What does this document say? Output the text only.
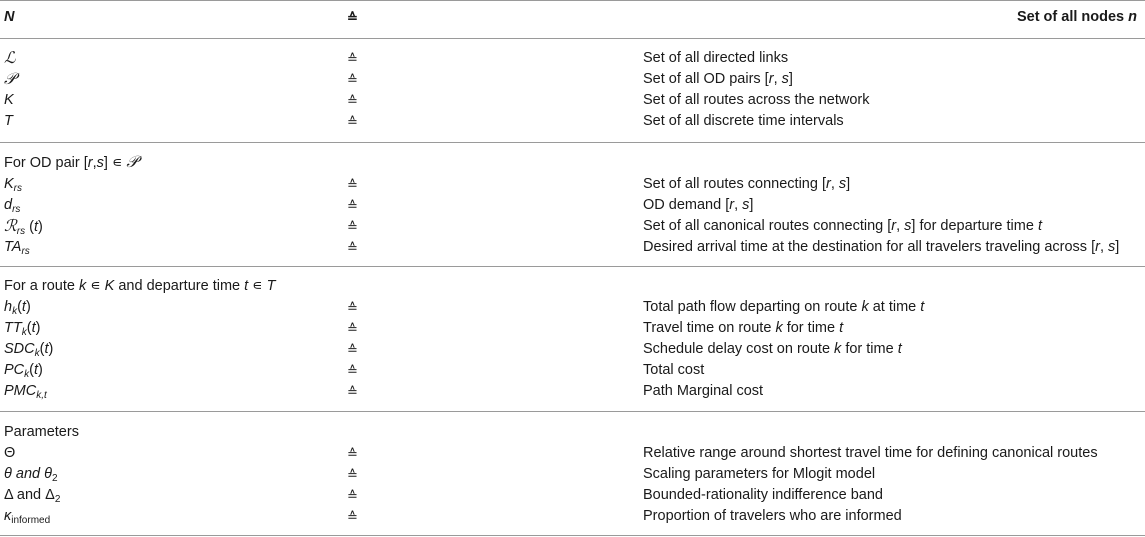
N	≙	Set of all nodes n
ℒ	≙	Set of all directed links
𝒫	≙	Set of all OD pairs [r, s]
K	≙	Set of all routes across the network
T	≙	Set of all discrete time intervals
For OD pair [r,s] ∊ 𝒫
$K_{rs}$	≙	Set of all routes connecting [r, s]
$d_{rs}$	≙	OD demand [r, s]
ℛ$_{rs}$ (t)	≙	Set of all canonical routes connecting [r, s] for departure time t
$TA_{rs}$	≙	Desired arrival time at the destination for all travelers traveling across [r, s]
For a route k ∊ K and departure time t ∊ T
$h_k(t)$	≙	Total path flow departing on route k at time t
$TT_k(t)$	≙	Travel time on route k for time t
$SDC_k(t)$	≙	Schedule delay cost on route k for time t
$PC_k(t)$	≙	Total cost
$PMC_{k,t}$	≙	Path Marginal cost
Parameters
Θ	≙	Relative range around shortest travel time for defining canonical routes
θ and $\theta_2$	≙	Scaling parameters for Mlogit model
Δ and $\Delta_2$	≙	Bounded-rationality indifference band
$\kappa_{informed}$	≙	Proportion of travelers who are informed
